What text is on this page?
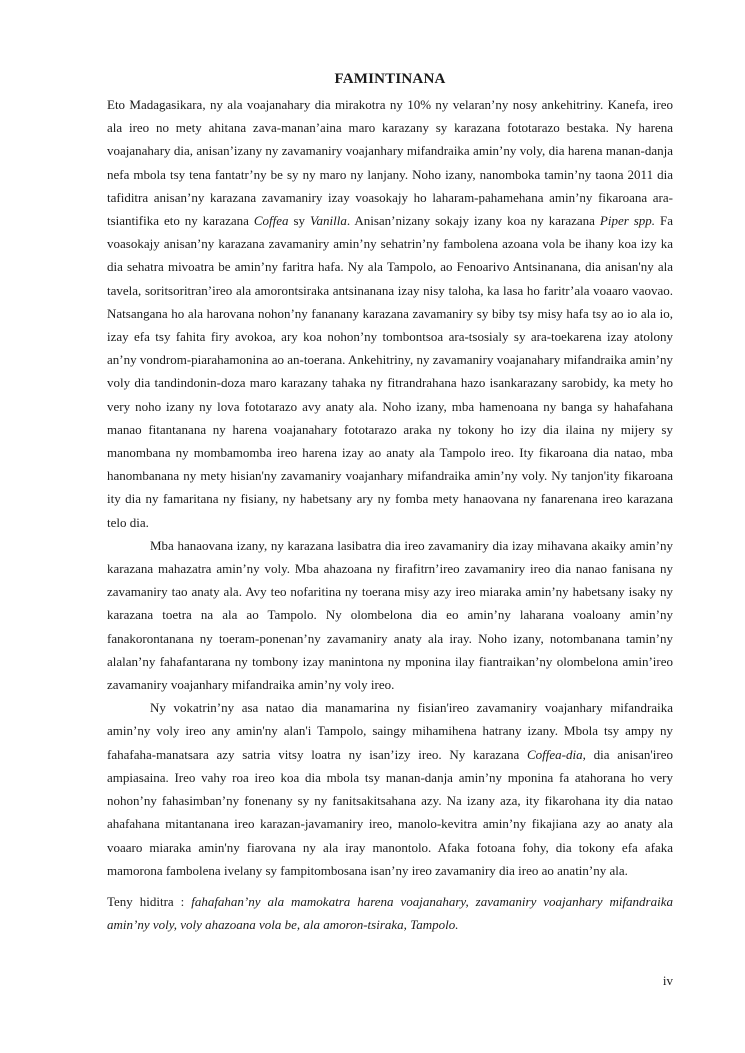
FAMINTINANA

Eto Madagasikara, ny ala voajanahary dia mirakotra ny 10% ny velaran’ny nosy ankehitriny. Kanefa, ireo ala ireo no mety ahitana zava-manan’aina maro karazany sy karazana fototarazo bestaka. Ny harena voajanahary dia, anisan’izany ny zavamaniry voajanhary mifandraika amin’ny voly, dia harena manan-danja nefa mbola tsy tena fantatr’ny be sy ny maro ny lanjany. Noho izany, nanomboka tamin’ny taona 2011 dia tafiditra anisan’ny karazana zavamaniry izay voasokajy ho laharam-pahamehana amin’ny fikaroana ara-tsiantifika eto ny karazana Coffea sy Vanilla. Anisan’nizany sokajy izany koa ny karazana Piper spp. Fa voasokajy anisan’ny karazana zavamaniry amin’ny sehatrin’ny fambolena azoana vola be ihany koa izy ka dia sehatra mivoatra be amin’ny faritra hafa. Ny ala Tampolo, ao Fenoarivo Antsinanana, dia anisan'ny ala tavela, soritsoritran’ireo ala amorontsiraka antsinanana izay nisy taloha, ka lasa ho faritr’ala voaaro vaovao. Natsangana ho ala harovana nohon’ny fananany karazana zavamaniry sy biby tsy misy hafa tsy ao io ala io, izay efa tsy fahita firy avokoa, ary koa nohon’ny tombontsoa ara-tsosialy sy ara-toekarena izay atolony an’ny vondrom-piarahamonina ao an-toerana. Ankehitriny, ny zavamaniry voajanahary mifandraika amin’ny voly dia tandindonin-doza maro karazany tahaka ny fitrandrahana hazo isankarazany sarobidy, ka mety ho very noho izany ny lova fototarazo avy anaty ala. Noho izany, mba hamenoana ny banga sy hahafahana manao fitantanana ny harena voajanahary fototarazo araka ny tokony ho izy dia ilaina ny mijery sy manombana ny mombamomba ireo harena izay ao anaty ala Tampolo ireo. Ity fikaroana dia natao, mba hanombanana ny mety hisian'ny zavamaniry voajanhary mifandraika amin’ny voly. Ny tanjon'ity fikaroana ity dia ny famaritana ny fisiany, ny habetsany ary ny fomba mety hanaovana ny fanarenana ireo karazana telo dia.

Mba hanaovana izany, ny karazana lasibatra dia ireo zavamaniry dia izay mihavana akaiky amin’ny karazana mahazatra amin’ny voly. Mba ahazoana ny firafitrn’ireo zavamaniry ireo dia nanao fanisana ny zavamaniry tao anaty ala. Avy teo nofaritina ny toerana misy azy ireo miaraka amin’ny habetsany isaky ny karazana toetra na ala ao Tampolo. Ny olombelona dia eo amin’ny laharana voaloany amin’ny fanakorontanana ny toeram-ponenan’ny zavamaniry anaty ala iray. Noho izany, notombanana tamin’ny alalan’ny fahafantarana ny tombony izay manintona ny mponina ilay fiantraikan’ny olombelona amin’ireo zavamaniry voajanhary mifandraika amin’ny voly ireo.

Ny vokatrin’ny asa natao dia manamarina ny fisian'ireo zavamaniry voajanhary mifandraika amin’ny voly ireo any amin'ny alan'i Tampolo, saingy mihamihena hatrany izany. Mbola tsy ampy ny fahafaha-manatsara azy satria vitsy loatra ny isan’izy ireo. Ny karazana Coffea-dia, dia anisan'ireo ampiasaina. Ireo vahy roa ireo koa dia mbola tsy manan-danja amin’ny mponina fa atahorana ho very nohon’ny fahasimban’ny fonenany sy ny fanitsakitsahana azy. Na izany aza, ity fikarohana ity dia natao ahafahana mitantanana ireo karazan-javamaniry ireo, manolo-kevitra amin’ny fikajiana azy ao anaty ala voaaro miaraka amin'ny fiarovana ny ala iray manontolo. Afaka fotoana fohy, dia tokony efa afaka mamorona fambolena ivelany sy fampitombosana isan’ny ireo zavamaniry dia ireo ao anatin’ny ala.

Teny hiditra : fahafahan’ny ala mamokatra harena voajanahary, zavamaniry voajanhary mifandraika amin’ny voly, voly ahazoana vola be, ala amoron-tsiraka, Tampolo.

iv
